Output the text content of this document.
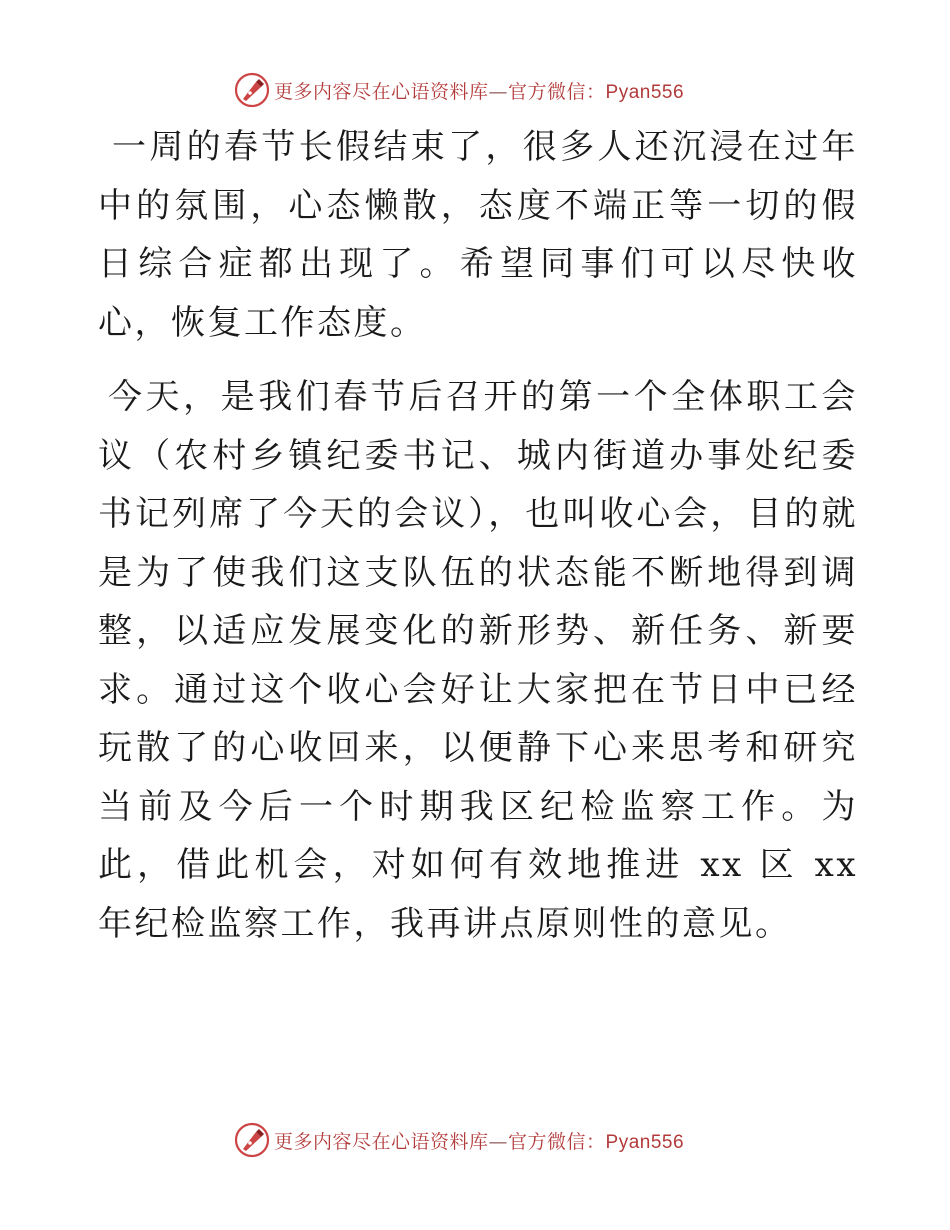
更多内容尽在心语资料库—官方微信：Pyan556

一周的春节长假结束了，很多人还沉浸在过年中的氛围，心态懒散，态度不端正等一切的假日综合症都出现了。希望同事们可以尽快收心，恢复工作态度。

今天，是我们春节后召开的第一个全体职工会议（农村乡镇纪委书记、城内街道办事处纪委书记列席了今天的会议），也叫收心会，目的就是为了使我们这支队伍的状态能不断地得到调整，以适应发展变化的新形势、新任务、新要求。通过这个收心会好让大家把在节日中已经玩散了的心收回来，以便静下心来思考和研究当前及今后一个时期我区纪检监察工作。为此，借此机会，对如何有效地推进 xx 区 xx 年纪检监察工作，我再讲点原则性的意见。

更多内容尽在心语资料库—官方微信：Pyan556
